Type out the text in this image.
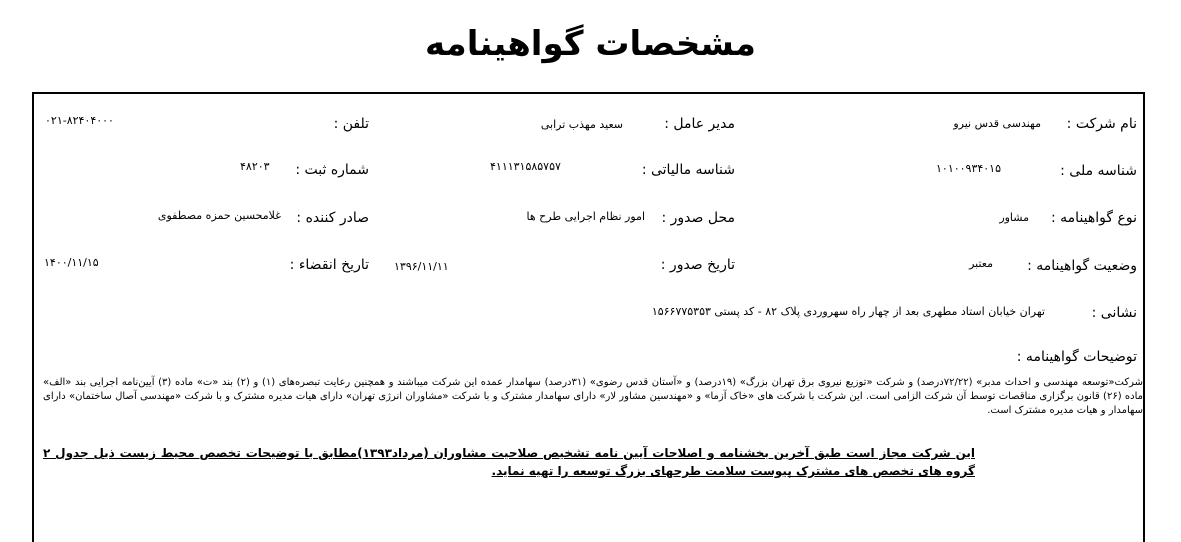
مشخصات گواهینامه
نام شرکت :
مهندسی قدس نیرو
مدیر عامل :
سعید مهذب ترابی
تلفن :
۰۲۱-۸۲۴۰۴۰۰۰
شناسه ملی :
۱۰۱۰۰۹۳۴۰۱۵
شناسه مالیاتی :
۴۱۱۱۳۱۵۸۵۷۵۷
شماره ثبت :
۴۸۲۰۳
نوع گواهینامه :
مشاور
محل صدور :
امور نظام اجرایی طرح ها
صادر کننده :
غلامحسین حمزه مصطفوی
وضعیت گواهینامه :
معتبر
تاریخ صدور :
۱۳۹۶/۱۱/۱۱
تاریخ انقضاء :
۱۴۰۰/۱۱/۱۵
نشانی :
تهران خیابان استاد مطهری بعد از چهار راه سهروردی پلاک ۸۲ - کد پستی ۱۵۶۶۷۷۵۳۵۳
توضیحات گواهینامه :
شرکت«توسعه مهندسی و احداث مدبر» (۷۲/۲۲درصد) و شرکت «توزیع نیروی برق تهران بزرگ» (۱۹درصد) و «آستان قدس رضوی» (۳۱درصد) سهامدار عمده این شرکت میباشند و همچنین رعایت تبصره‌های (۱) و (۲) بند «ت» ماده (۳) آیین‌نامه اجرایی بند «الف» ماده (۲۶) قانون برگزاری مناقصات توسط آن شرکت الزامی است. این شرکت با شرکت های «خاک آزما» و «مهندسین مشاور لار» دارای سهامدار مشترک و با شرکت «مشاوران انرژی تهران» دارای هیات مدیره مشترک و با شرکت «مهندسی آصال ساختمان» دارای سهامدار و هیات مدیره مشترک است.
این شرکت مجاز است طبق آخرین بخشنامه و اصلاحات آیین نامه تشخیص صلاحیت مشاوران (مرداد۱۳۹۳)مطابق با توضیحات تخصص محیط زیست ذیل جدول ۲ گروه های تخصص های مشترک پیوست سلامت طرحهای بزرگ توسعه را تهیه نماید.
